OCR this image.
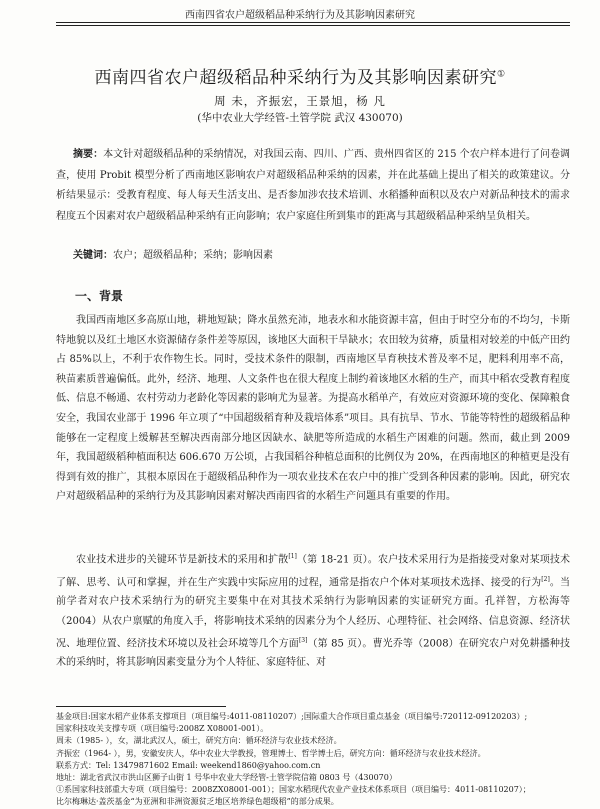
西南四省农户超级稻品种采纳行为及其影响因素研究
西南四省农户超级稻品种采纳行为及其影响因素研究①
周 未，齐振宏，王景旭，杨 凡
(华中农业大学经管-土管学院 武汉 430070)

摘要：本文针对超级稻品种的采纳情况，对我国云南、四川、广西、贵州四省区的 215 个农户样本进行了问卷调查，使用 Probit 模型分析了西南地区影响农户对超级稻品种采纳的因素，并在此基础上提出了相关的政策建议。分析结果显示：受教育程度、每人每天生活支出、是否参加涉农技术培训、水稻播种面积以及农户对新品种技术的需求程度五个因素对农户超级稻品种采纳有正向影响；农户家庭住所到集市的距离与其超级稻品种采纳呈负相关。

关键词：农户；超级稻品种；采纳；影响因素

一、背景

我国西南地区多高原山地，耕地短缺；降水虽然充沛，地表水和水能资源丰富，但由于时空分布的不均匀，卡斯特地貌以及红土地区水资源储存条件差等原因，该地区大面积干旱缺水；农田较为贫瘠，质量相对较差的中低产田约占 85%以上，不利于农作物生长。同时，受技术条件的限制，西南地区旱育秧技术普及率不足，肥料利用率不高，秧苗素质普遍偏低。此外，经济、地理、人文条件也在很大程度上制约着该地区水稻的生产，而其中稻农受教育程度低、信息不畅通、农村劳动力老龄化等因素的影响尤为显著。为提高水稻单产，有效应对资源环境的变化、保障粮食安全，我国农业部于 1996 年立项了“中国超级稻育种及栽培体系”项目。具有抗旱、节水、节能等特性的超级稻品种能够在一定程度上缓解甚至解决西南部分地区因缺水、缺肥等所造成的水稻生产困难的问题。然而，截止到 2009 年，我国超级稻种植面积达 606.670 万公顷，占我国稻谷种植总面积的比例仅为 20%，在西南地区的种植更是没有得到有效的推广，其根本原因在于超级稻品种作为一项农业技术在农户中的推广受到各种因素的影响。因此，研究农户对超级稻品种的采纳行为及其影响因素对解决西南四省的水稻生产问题具有重要的作用。

农业技术进步的关键环节是新技术的采用和扩散[1]（第 18-21 页）。农户技术采用行为是指接受对象对某项技术了解、思考、认可和掌握，并在生产实践中实际应用的过程，通常是指农户个体对某项技术选择、接受的行为[2]。当前学者对农户技术采纳行为的研究主要集中在对其技术采纳行为影响因素的实证研究方面。孔祥智，方松海等（2004）从农户禀赋的角度入手，将影响技术采纳的因素分为个人经历、心理特征、社会网络、信息资源、经济状况、地理位置、经济技术环境以及社会环境等几个方面[3]（第 85 页）。曹光乔等（2008）在研究农户对免耕播种技术的采纳时，将其影响因素变量分为个人特征、家庭特征、对

基金项目:国家水稻产业体系支撑项目（项目编号:4011-08110207）;国际重大合作项目重点基金（项目编号:720112-09120203）;
国家科技攻关支撑专项（项目编号:2008Z X08001-001）。
周未（1985- ），女，湖北武汉人，硕士，研究方向：循环经济与农业技术经济。
齐振宏（1964- ），男，安徽安庆人，华中农业大学教授，管理博士、哲学博士后，研究方向：循环经济与农业技术经济。
联系方式：Tel: 13479871602 Email: weekend1860@yahoo.com.cn
地址：湖北省武汉市洪山区狮子山街 1 号华中农业大学经管-土管学院信箱 0803 号（430070）
①系国家科技部重大专项（项目编号：2008ZX08001-001）；国家水稻现代农业产业技术体系项目（项目编号：4011-08110207）；
比尔梅琳达·盖茨基金“为亚洲和非洲资源贫乏地区培养绿色超级稻”的部分成果。
